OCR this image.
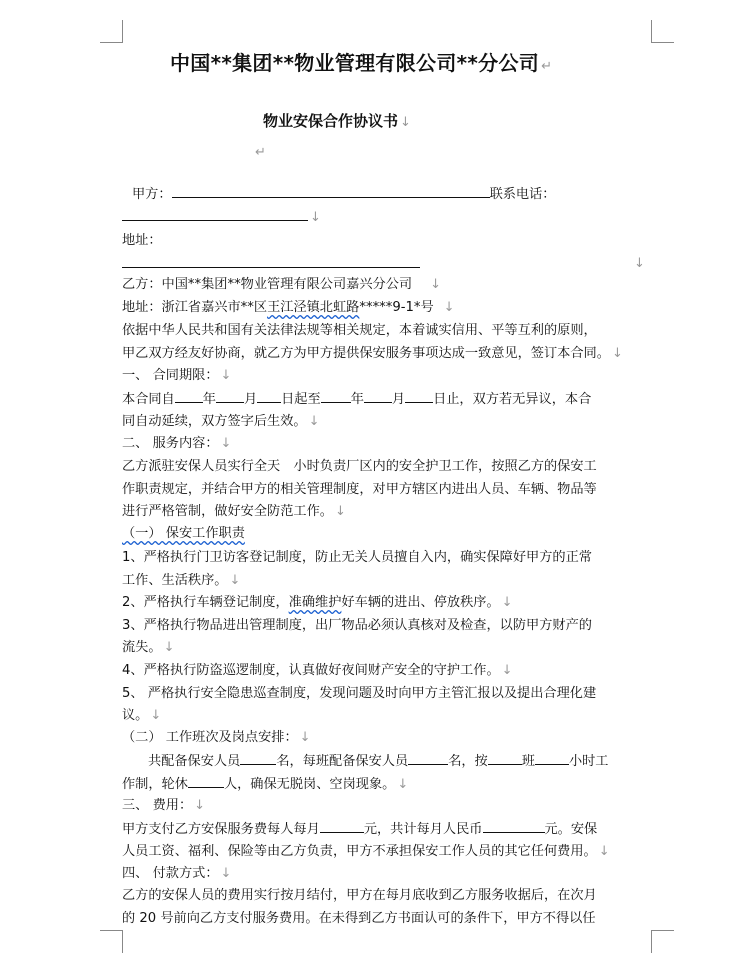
中国**集团**物业管理有限公司**分公司 ↵
物业安保合作协议书 ↓
↵
甲方：	联系电话：
↓
地址：
↓
乙方：中国**集团**物业管理有限公司嘉兴分公司 ↓
地址：浙江省嘉兴市**区王江泾镇北虹路*****9-1*号 ↓
依据中华人民共和国有关法律法规等相关规定，本着诚实信用、平等互利的原则，
甲乙双方经友好协商，就乙方为甲方提供保安服务事项达成一致意见，签订本合同。 ↓
一、 合同期限： ↓
本合同自 年 月 日起至 年 月 日止，双方若无异议，本合
同自动延续，双方签字后生效。 ↓
二、 服务内容： ↓
乙方派驻安保人员实行全天　小时负责厂区内的安全护卫工作，按照乙方的保安工
作职责规定，并结合甲方的相关管理制度，对甲方辖区内进出人员、车辆、物品等
进行严格管制，做好安全防范工作。 ↓
（一） 保安工作职责
1、严格执行门卫访客登记制度，防止无关人员擅自入内，确实保障好甲方的正常
工作、生活秩序。 ↓
2、严格执行车辆登记制度，准确维护好车辆的进出、停放秩序。 ↓
3、严格执行物品进出管理制度，出厂物品必须认真核对及检查，以防甲方财产的
流失。 ↓
4、严格执行防盗巡逻制度，认真做好夜间财产安全的守护工作。 ↓
5、 严格执行安全隐患巡查制度，发现问题及时向甲方主管汇报以及提出合理化建
议。 ↓
（二） 工作班次及岗点安排： ↓
共配备保安人员	名，每班配备保安人员	名，按	班	小时工
作制，轮休	人，确保无脱岗、空岗现象。 ↓
三、 费用： ↓
甲方支付乙方安保服务费每人每月	元，共计每月人民币	元。安保
人员工资、福利、保险等由乙方负责，甲方不承担保安工作人员的其它任何费用。 ↓
四、 付款方式： ↓
乙方的安保人员的费用实行按月结付，甲方在每月底收到乙方服务收据后，在次月
的 20 号前向乙方支付服务费用。在未得到乙方书面认可的条件下，甲方不得以任
